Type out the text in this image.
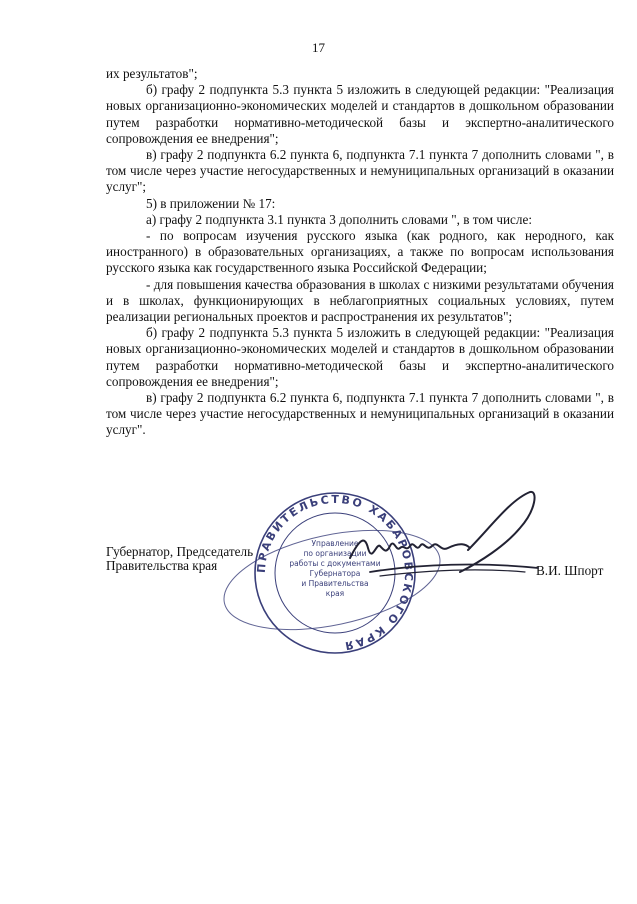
17

их результатов";

б) графу 2 подпункта 5.3 пункта 5 изложить в следующей редакции: "Реализация новых организационно-экономических моделей и стандартов в дошкольном образовании путем разработки нормативно-методической базы и экспертно-аналитического сопровождения ее внедрения";

в) графу 2 подпункта 6.2 пункта 6, подпункта 7.1 пункта 7 дополнить словами ", в том числе через участие негосударственных и немуниципальных организаций в оказании услуг";

5) в приложении № 17:

а) графу 2 подпункта 3.1 пункта 3 дополнить словами ", в том числе:

- по вопросам изучения русского языка (как родного, как неродного, как иностранного) в образовательных организациях, а также по вопросам использования русского языка как государственного языка Российской Федерации;

- для повышения качества образования в школах с низкими результатами обучения и в школах, функционирующих в неблагоприятных социальных условиях, путем реализации региональных проектов и распространения их результатов";

б) графу 2 подпункта 5.3 пункта 5 изложить в следующей редакции: "Реализация новых организационно-экономических моделей и стандартов в дошкольном образовании путем разработки нормативно-методической базы и экспертно-аналитического сопровождения ее внедрения";

в) графу 2 подпункта 6.2 пункта 6, подпункта 7.1 пункта 7 дополнить словами ", в том числе через участие негосударственных и немуниципальных организаций в оказании услуг".

Губернатор, Председатель
Правительства края	В.И. Шпорт
ПРАВИТЕЛЬСТВО ХАБАРОВСКОГО КРАЯ
Управление
по организации
работы с документами
Губернатора
и Правительства
края
